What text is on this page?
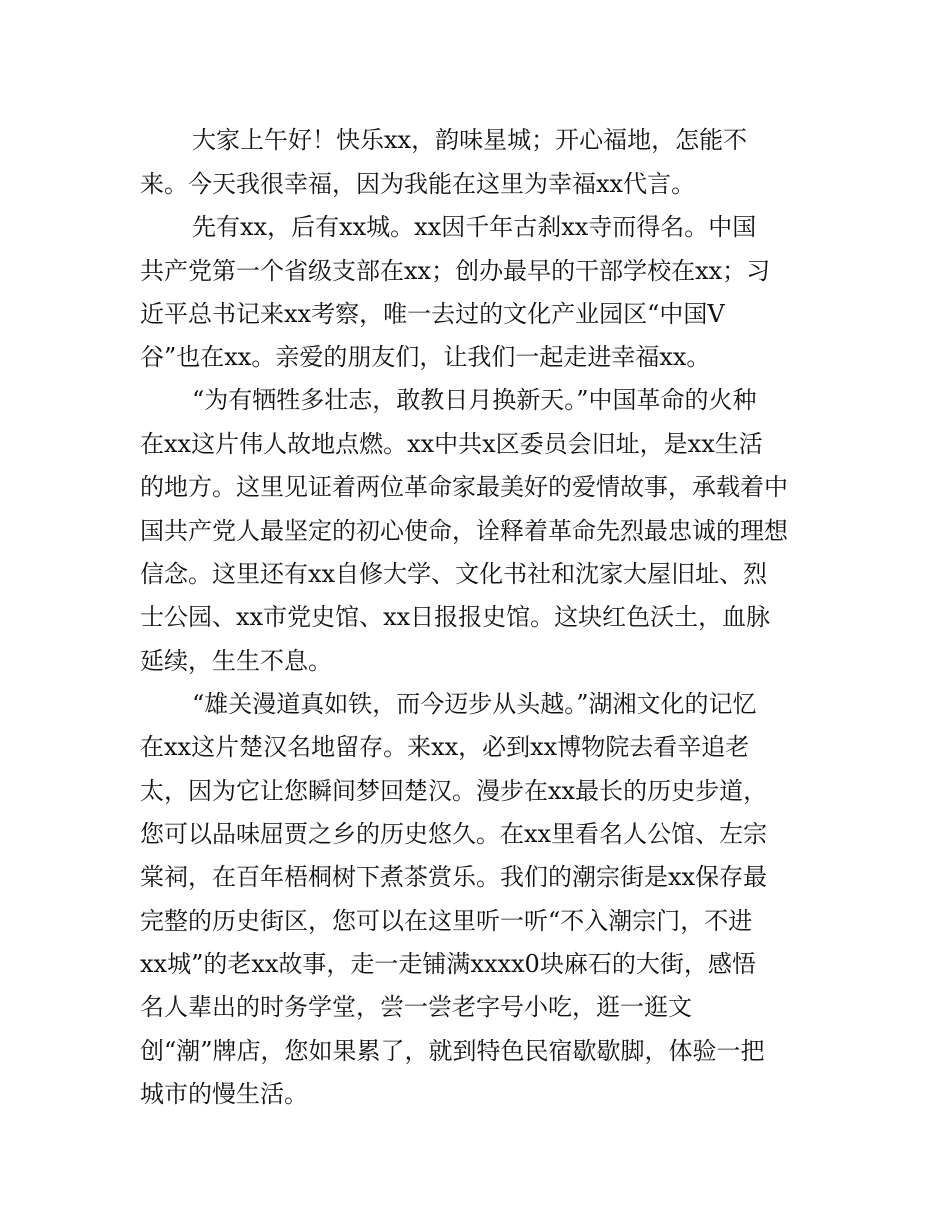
大家上午好！快乐xx，韵味星城；开心福地，怎能不
来。今天我很幸福，因为我能在这里为幸福xx代言。
先有xx，后有xx城。xx因千年古刹xx寺而得名。中国
共产党第一个省级支部在xx；创办最早的干部学校在xx；习
近平总书记来xx考察，唯一去过的文化产业园区“中国V
谷”也在xx。亲爱的朋友们，让我们一起走进幸福xx。
“为有牺牲多壮志，敢教日月换新天。”中国革命的火种
在xx这片伟人故地点燃。xx中共x区委员会旧址，是xx生活
的地方。这里见证着两位革命家最美好的爱情故事，承载着中
国共产党人最坚定的初心使命，诠释着革命先烈最忠诚的理想
信念。这里还有xx自修大学、文化书社和沈家大屋旧址、烈
士公园、xx市党史馆、xx日报报史馆。这块红色沃土，血脉
延续，生生不息。
“雄关漫道真如铁，而今迈步从头越。”湖湘文化的记忆
在xx这片楚汉名地留存。来xx，必到xx博物院去看辛追老
太，因为它让您瞬间梦回楚汉。漫步在xx最长的历史步道，
您可以品味屈贾之乡的历史悠久。在xx里看名人公馆、左宗
棠祠，在百年梧桐树下煮茶赏乐。我们的潮宗街是xx保存最
完整的历史街区，您可以在这里听一听“不入潮宗门，不进
xx城”的老xx故事，走一走铺满xxxx0块麻石的大街，感悟
名人辈出的时务学堂，尝一尝老字号小吃，逛一逛文
创“潮”牌店，您如果累了，就到特色民宿歇歇脚，体验一把
城市的慢生活。
